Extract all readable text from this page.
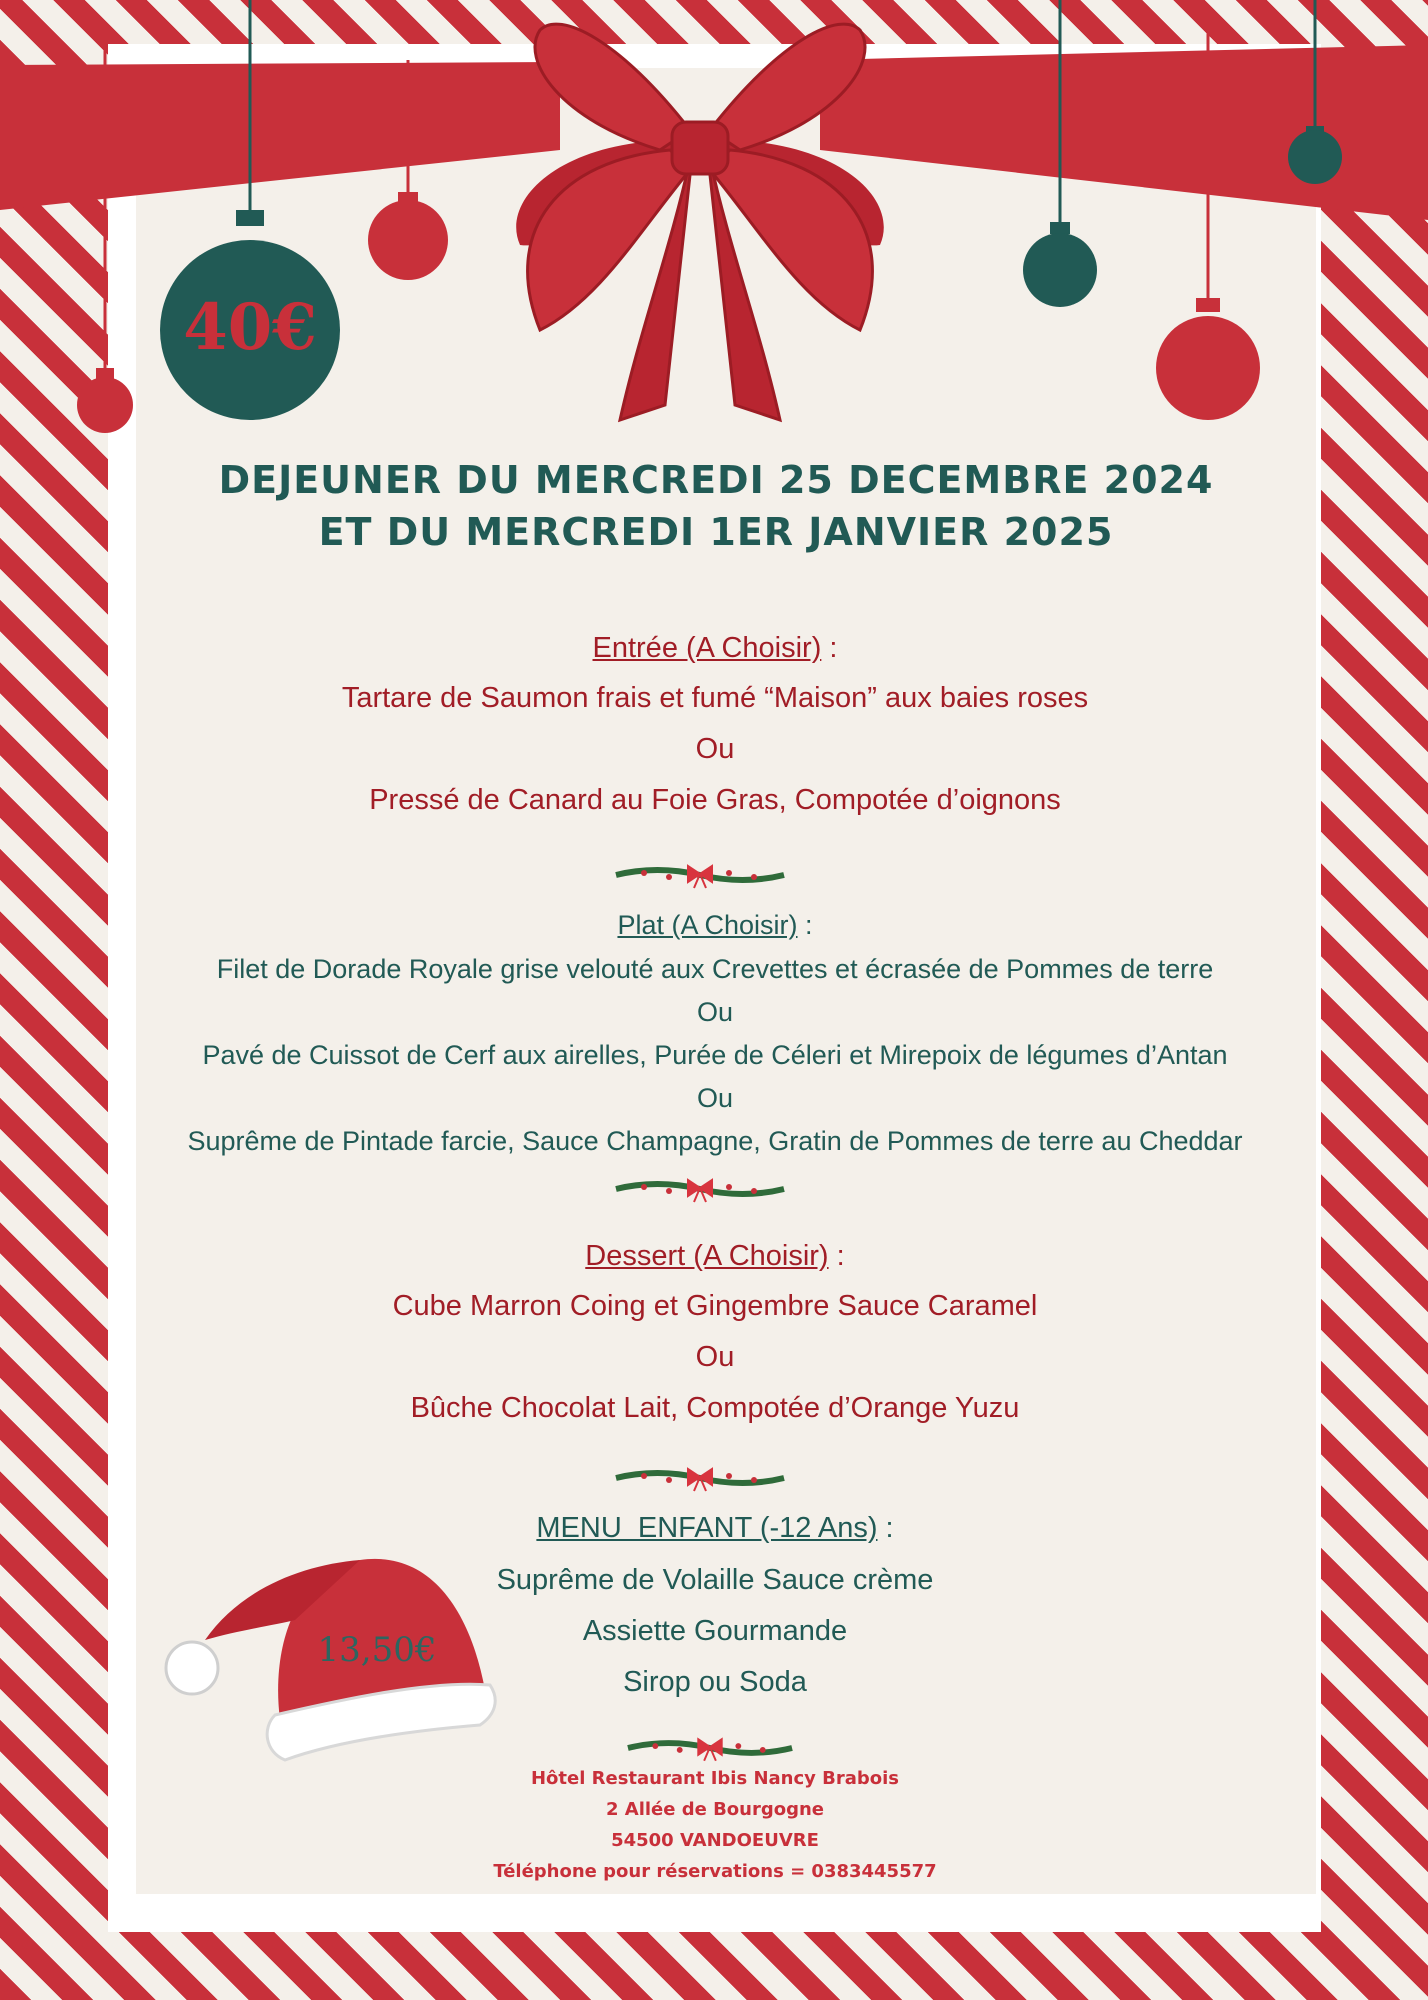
40€
13,50€
DEJEUNER DU MERCREDI 25 DECEMBRE 2024
ET DU MERCREDI 1ER JANVIER 2025
Entrée (A Choisir) :
Tartare de Saumon frais et fumé “Maison” aux baies roses
Ou
Pressé de Canard au Foie Gras, Compotée d’oignons
Plat (A Choisir) :
Filet de Dorade Royale grise velouté aux Crevettes et écrasée de Pommes de terre
Ou
Pavé de Cuissot de Cerf aux airelles, Purée de Céleri et Mirepoix de légumes d’Antan
Ou
Suprême de Pintade farcie, Sauce Champagne, Gratin de Pommes de terre au Cheddar
Dessert (A Choisir) :
Cube Marron Coing et Gingembre Sauce Caramel
Ou
Bûche Chocolat Lait, Compotée d’Orange Yuzu
MENU  ENFANT (-12 Ans) :
Suprême de Volaille Sauce crème
Assiette Gourmande
Sirop ou Soda
Hôtel Restaurant Ibis Nancy Brabois
2 Allée de Bourgogne
54500 VANDOEUVRE
Téléphone pour réservations = 0383445577
